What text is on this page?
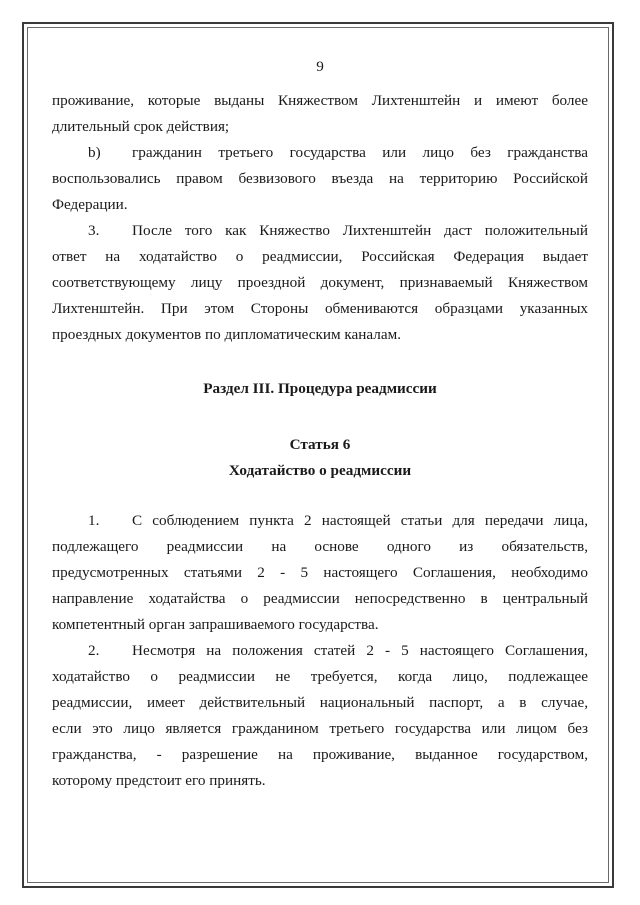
9

проживание, которые выданы Княжеством Лихтенштейн и имеют более

длительный срок действия;

b) гражданин третьего государства или лицо без гражданства

воспользовались правом безвизового въезда на территорию Российской

Федерации.

3. После того как Княжество Лихтенштейн даст положительный

ответ на ходатайство о реадмиссии, Российская Федерация выдает

соответствующему лицу проездной документ, признаваемый Княжеством

Лихтенштейн. При этом Стороны обмениваются образцами указанных

проездных документов по дипломатическим каналам.

Раздел III. Процедура реадмиссии

Статья 6

Ходатайство о реадмиссии

1. С соблюдением пункта 2 настоящей статьи для передачи лица,

подлежащего реадмиссии на основе одного из обязательств,

предусмотренных статьями 2 - 5 настоящего Соглашения, необходимо

направление ходатайства о реадмиссии непосредственно в центральный

компетентный орган запрашиваемого государства.

2. Несмотря на положения статей 2 - 5 настоящего Соглашения,

ходатайство о реадмиссии не требуется, когда лицо, подлежащее

реадмиссии, имеет действительный национальный паспорт, а в случае,

если это лицо является гражданином третьего государства или лицом без

гражданства, - разрешение на проживание, выданное государством,

которому предстоит его принять.
